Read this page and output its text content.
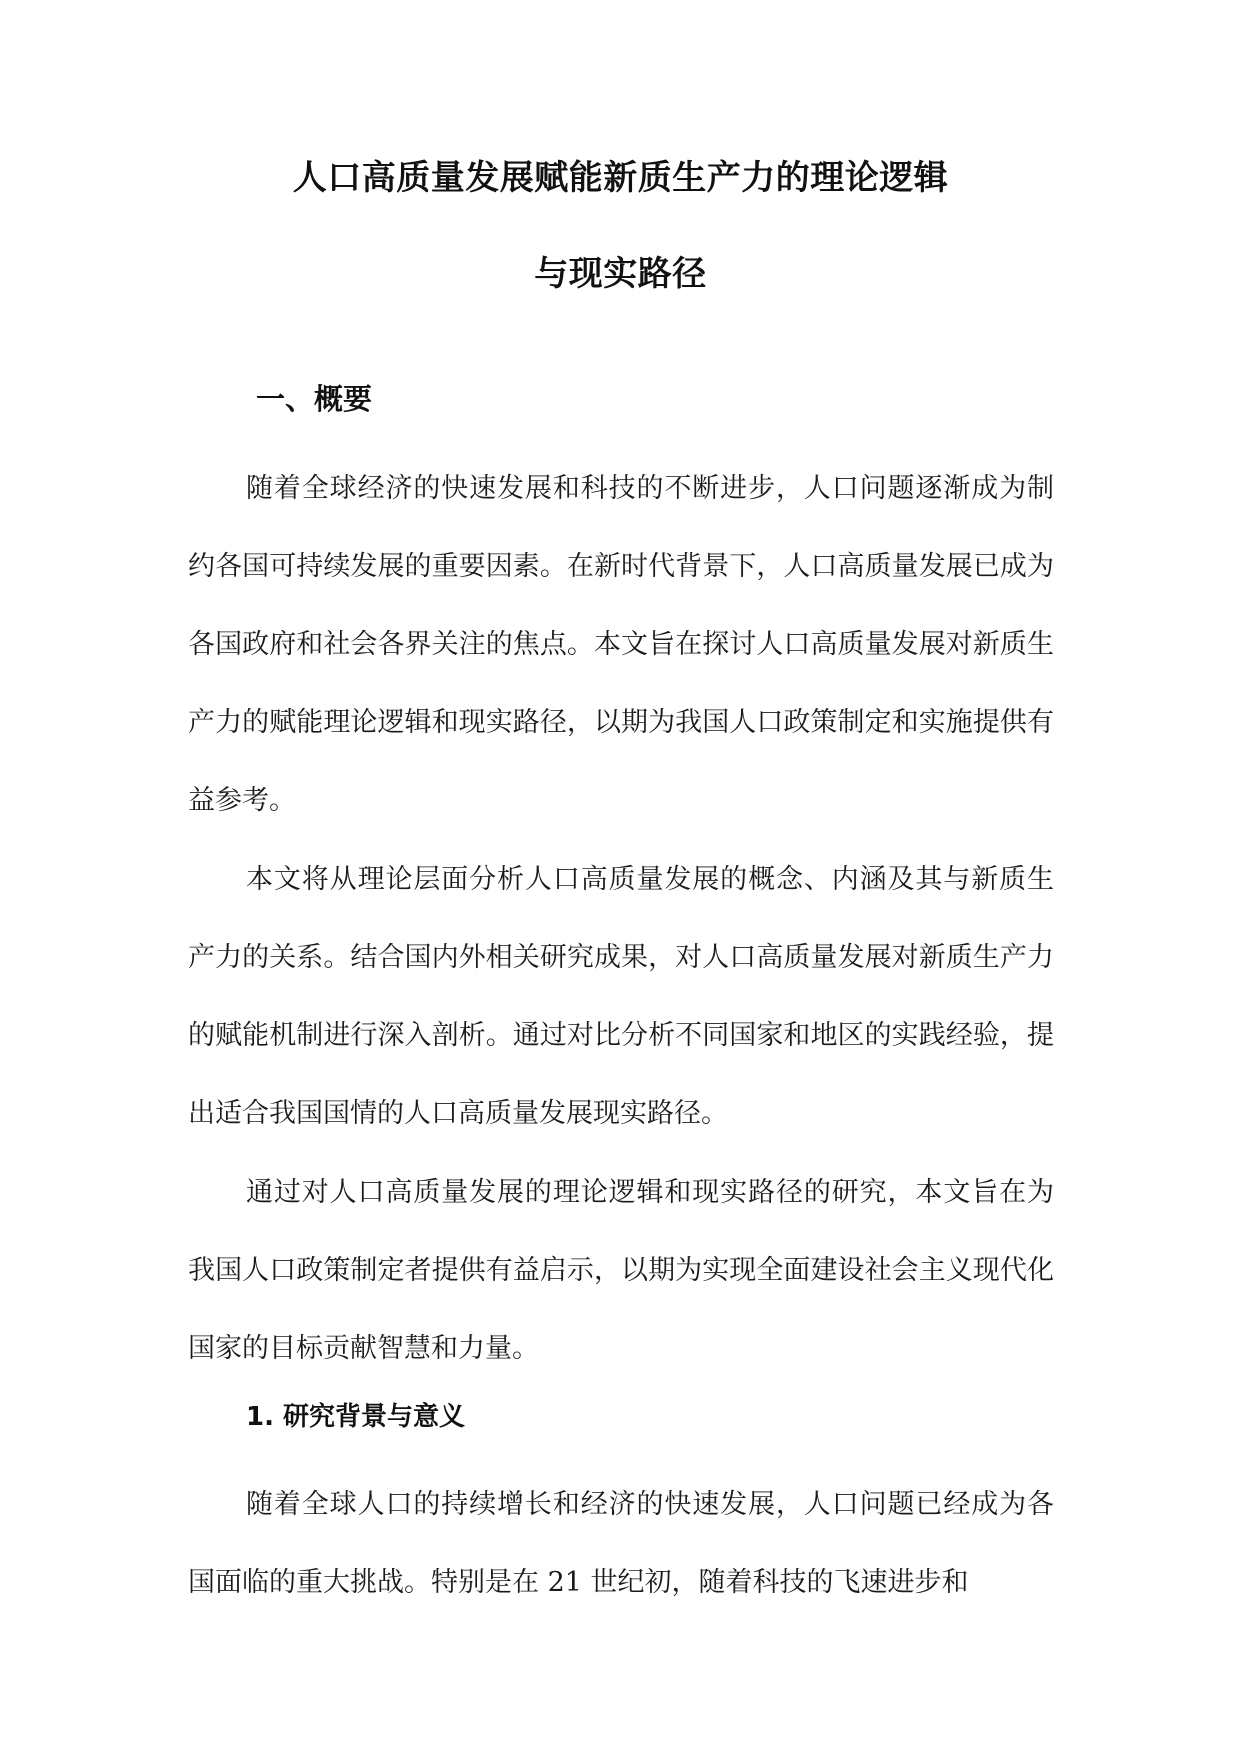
人口高质量发展赋能新质生产力的理论逻辑
与现实路径
一、概要

随着全球经济的快速发展和科技的不断进步，人口问题逐渐成为制约各国可持续发展的重要因素。在新时代背景下，人口高质量发展已成为各国政府和社会各界关注的焦点。本文旨在探讨人口高质量发展对新质生产力的赋能理论逻辑和现实路径，以期为我国人口政策制定和实施提供有益参考。

本文将从理论层面分析人口高质量发展的概念、内涵及其与新质生产力的关系。结合国内外相关研究成果，对人口高质量发展对新质生产力的赋能机制进行深入剖析。通过对比分析不同国家和地区的实践经验，提出适合我国国情的人口高质量发展现实路径。

通过对人口高质量发展的理论逻辑和现实路径的研究，本文旨在为我国人口政策制定者提供有益启示，以期为实现全面建设社会主义现代化国家的目标贡献智慧和力量。

1. 研究背景与意义

随着全球人口的持续增长和经济的快速发展，人口问题已经成为各国面临的重大挑战。特别是在 21 世纪初，随着科技的飞速进步和
